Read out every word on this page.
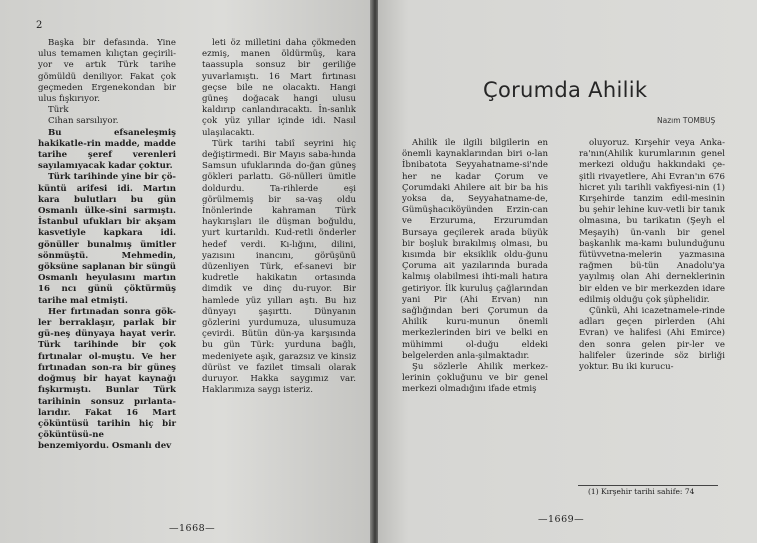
2

Başka bir defasında. Yine ulus temamen kılıçtan geçirili-yor ve artık Türk tarihe gömüldü deniliyor. Fakat çok geçmeden Ergenekondan bir ulus fışkırıyor.

Türk

Cihan sarsılıyor.

Bu efsaneleşmiş hakikatle-rin madde, madde tarihe şeref verenleri sayılamıyacak kadar çoktur.

Türk tarihinde yine bir çö-küntü arifesi idi. Martın kara bulutları bu gün Osmanlı ülke-sini sarmıştı. İstanbul ufukları bir akşam kasvetiyle kapkara idi. gönüller bunalmış ümitler sönmüştü. Mehmedin, göksüne saplanan bir süngü Osmanlı heyulasını martın 16 ncı günü çöktürmüş tarihe mal etmişti.

Her fırtınadan sonra gök-ler berraklaşır, parlak bir gü-neş dünyaya hayat verir. Türk tarihinde bir çok fırtınalar ol-muştu. Ve her fırtınadan son-ra bir güneş doğmuş bir hayat kaynağı fışkırmıştı. Bunlar Türk tarihinin sonsuz pırlanta-larıdır. Fakat 16 Mart çöküntüsü tarihin hiç bir çöküntüsü-ne benzemiyordu. Osmanlı dev

leti öz milletini daha çökmeden ezmiş, manen öldürmüş, kara taassupla sonsuz bir geriliğe yuvarlamıştı. 16 Mart fırtınası geçse bile ne olacaktı. Hangi güneş doğacak hangi ulusu kaldırıp canlandıracaktı. İn-sanlık çok yüz yıllar içinde idi. Nasıl ulaşılacaktı.

Türk tarihi tabiî seyrini hiç değiştirmedi. Bir Mayıs saba-hında Samsun ufuklarında do-ğan güneş gökleri parlattı. Gö-nülleri ümitle doldurdu. Ta-rihlerde eşi görülmemiş bir sa-vaş oldu İnönlerinde kahraman Türk haykırışları ile düşman boğuldu, yurt kurtarıldı. Kud-retli önderler hedef verdi. Kı-lığını, dilini, yazısını inancını, görüşünü düzenliyen Türk, ef-sanevi bir kudretle hakikatın ortasında dimdik ve dinç du-ruyor. Bir hamlede yüz yılları aştı. Bu hız dünyayı şaşırttı. Dünyanın gözlerini yurdumuza, ulusumuza çevirdi. Bütün dün-ya karşısında bu gün Türk: yurduna bağlı, medeniyete aşık, garazsız ve kinsiz dürüst ve fazilet timsali olarak duruyor. Hakka saygımız var. Haklarımıza saygı isteriz.

—1668—
Çorumda Ahilik
Nazım TOMBUŞ

Ahilik ile ilgili bilgilerin en önemli kaynaklarından biri o-lan İbnibatota Seyyahatname-si'nde her ne kadar Çorum ve Çorumdaki Ahilere ait bir ba his yoksa da, Seyyahatname-de, Gümüşhacıköyünden Erzin-can ve Erzuruma, Erzurumdan Bursaya geçilerek arada büyük bir boşluk bırakılmış olması, bu kısımda bir eksiklik oldu-ğunu Çoruma ait yazılarında burada kalmış olabilmesi ihti-mali hatıra getiriyor. İlk kuruluş çağlarından yani Pir (Ahi Ervan) nın sağlığından beri Çorumun da Ahilik kuru-munun önemli merkezlerinden biri ve belki en mühimmi ol-duğu eldeki belgelerden anla-şılmaktadır.

Şu sözlerle Ahilik merkez-lerinin çokluğunu ve bir genel merkezi olmadığını ifade etmiş

oluyoruz. Kırşehir veya Anka-ra'nın(Ahilik kurumlarının genel merkezi olduğu hakkındaki çe-şitli rivayetlere, Ahi Evran'ın 676 hicret yılı tarihli vakfiyesi-nin (1) Kırşehirde tanzim edil-mesinin bu şehir lehine kuv-vetli bir tanık olmasına, bu tarikatın (Şeyh el Meşayih) ün-vanlı bir genel başkanlık ma-kamı bulunduğunu fütüvvetna-melerin yazmasına rağmen bü-tün Anadolu'ya yayılmış olan Ahi derneklerinin bir elden ve bir merkezden idare edilmiş olduğu çok şüphelidir.

Çünkü, Ahi icazetnamele-rinde adları geçen pirlerden (Ahi Evran) ve halifesi (Ahi Emirce) den sonra gelen pir-ler ve halifeler üzerinde söz birliği yoktur. Bu iki kurucu-

(1) Kırşehir tarihi sahife: 74
—1669—
